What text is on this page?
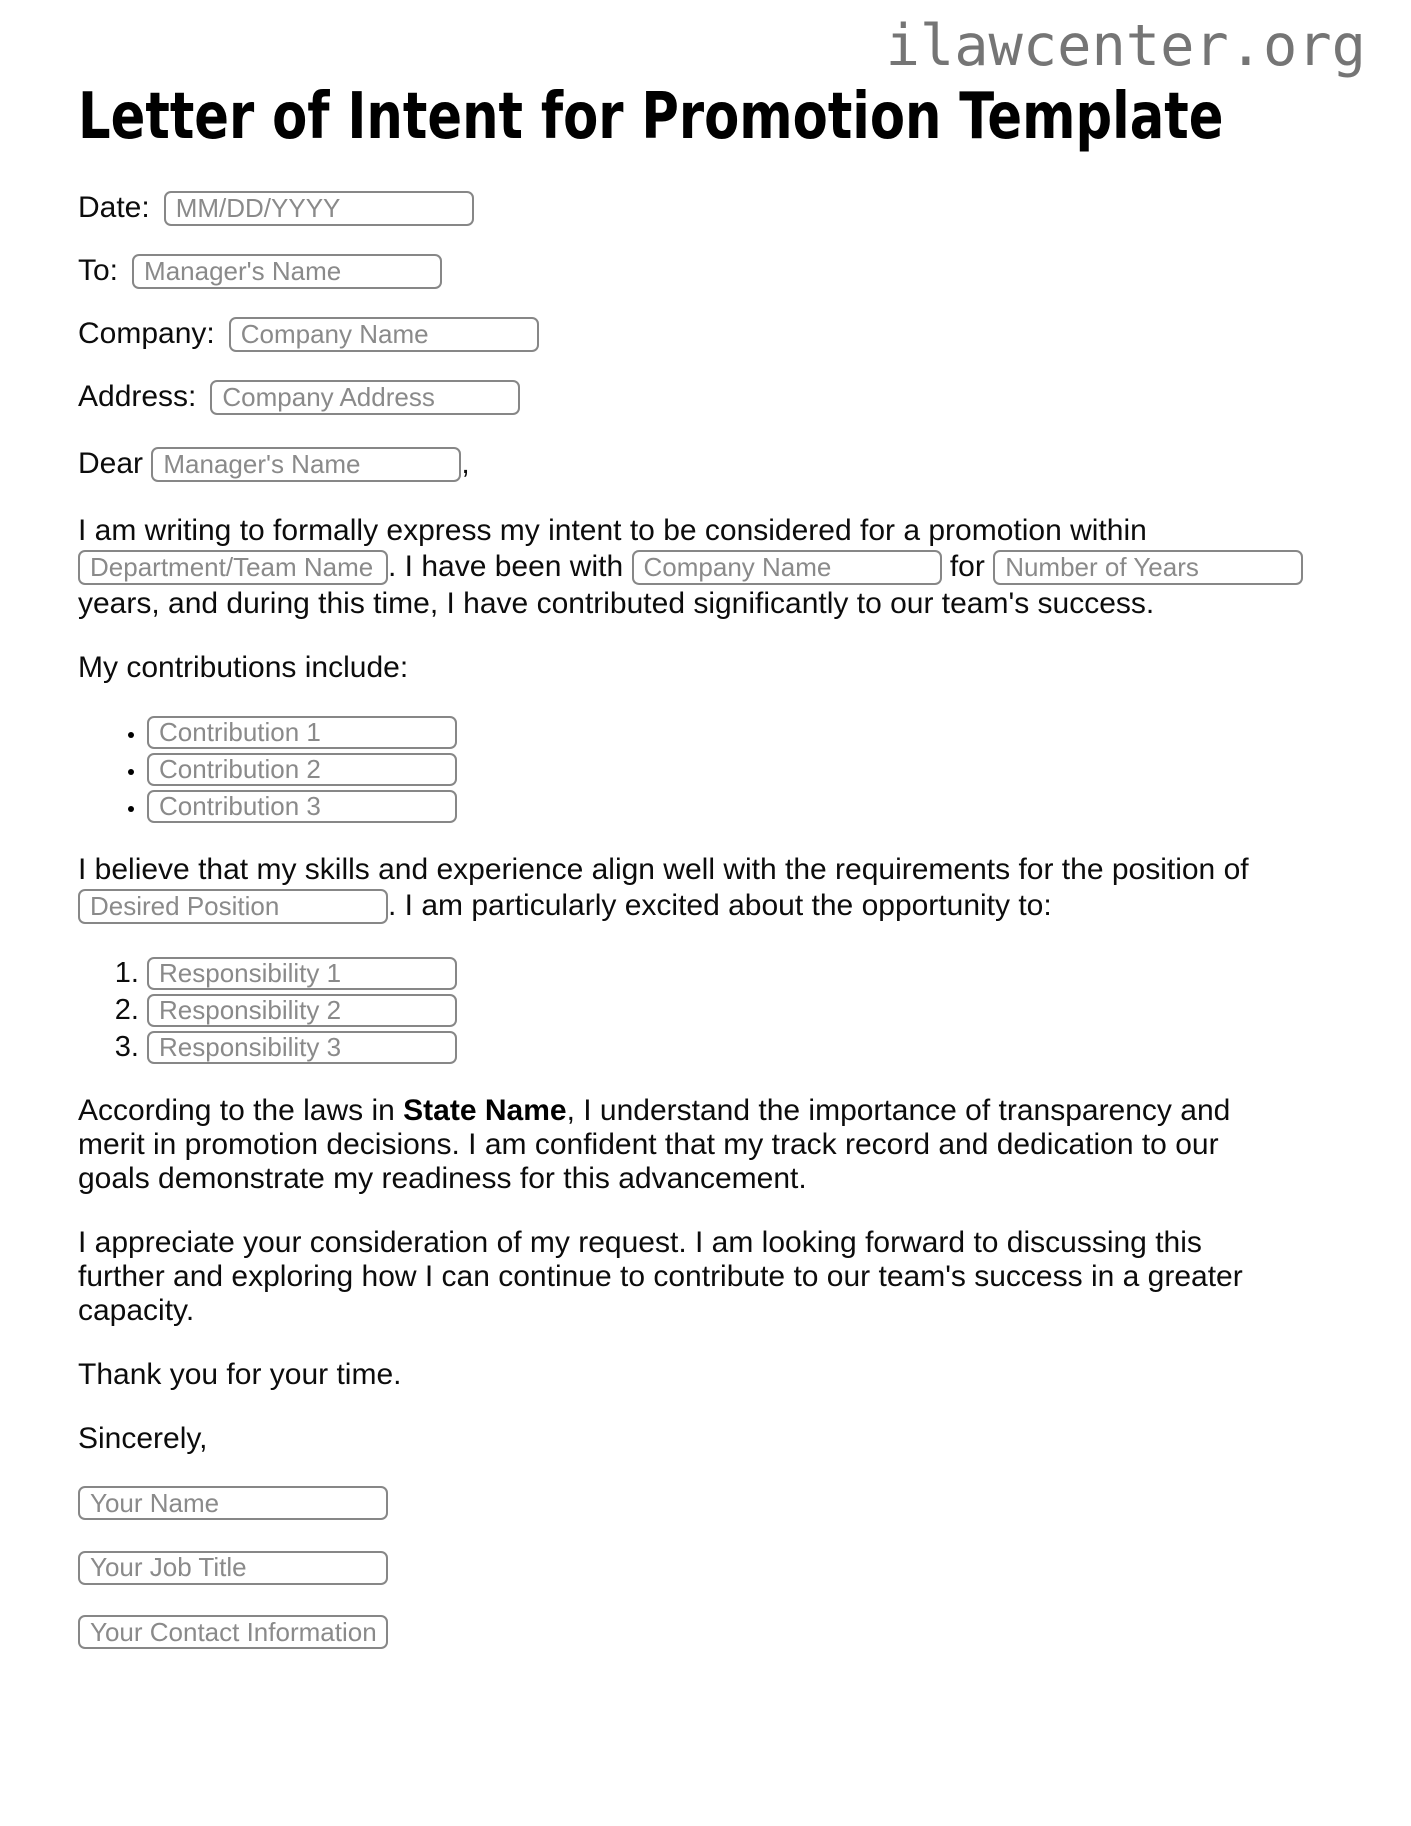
ilawcenter.org
Letter of Intent for Promotion Template
Date:
MM/DD/YYYY
To:
Manager's Name
Company:
Company Name
Address:
Company Address

Dear Manager's Name	,

I am writing to formally express my intent to be considered for a promotion within
Department/Team Name. I have been with Company Name	for Number of Years
years, and during this time, I have contributed significantly to our team's success.

My contributions include:

• Contribution 1
• Contribution 2
• Contribution 3

I believe that my skills and experience align well with the requirements for the position of
Desired Position. I am particularly excited about the opportunity to:

1. Responsibility 1
2. Responsibility 2
3. Responsibility 3

According to the laws in State Name, I understand the importance of transparency and
merit in promotion decisions. I am confident that my track record and dedication to our
goals demonstrate my readiness for this advancement.

I appreciate your consideration of my request. I am looking forward to discussing this
further and exploring how I can continue to contribute to our team's success in a greater
capacity.

Thank you for your time.

Sincerely,

Your Name
Your Job Title
Your Contact Information
